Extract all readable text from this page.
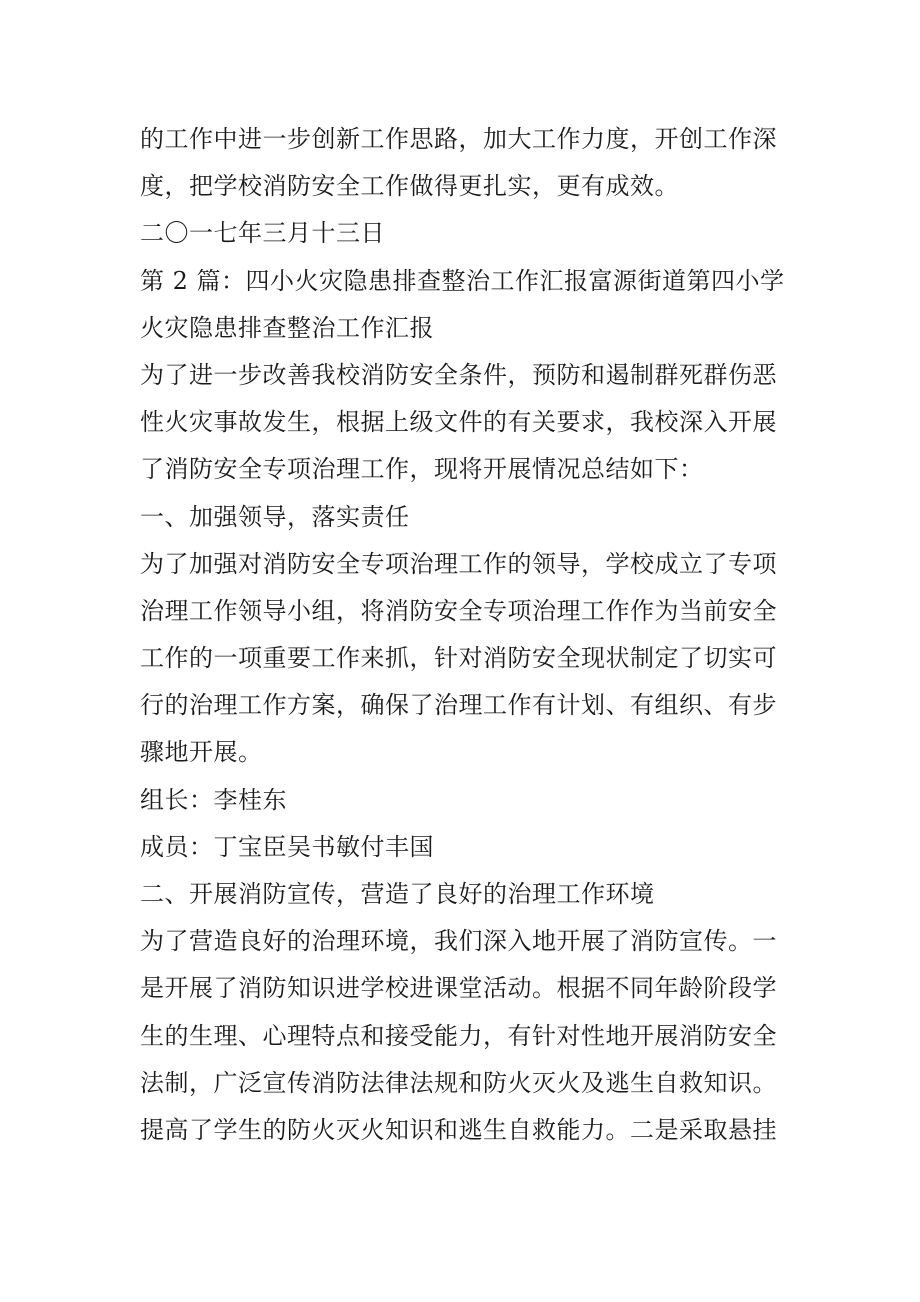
的工作中进一步创新工作思路，加大工作力度，开创工作深
度，把学校消防安全工作做得更扎实，更有成效。
二〇一七年三月十三日
第 2 篇：四小火灾隐患排查整治工作汇报富源街道第四小学
火灾隐患排查整治工作汇报
为了进一步改善我校消防安全条件，预防和遏制群死群伤恶
性火灾事故发生，根据上级文件的有关要求，我校深入开展
了消防安全专项治理工作，现将开展情况总结如下：
一、加强领导，落实责任
为了加强对消防安全专项治理工作的领导，学校成立了专项
治理工作领导小组，将消防安全专项治理工作作为当前安全
工作的一项重要工作来抓，针对消防安全现状制定了切实可
行的治理工作方案，确保了治理工作有计划、有组织、有步
骤地开展。
组长：李桂东
成员：丁宝臣吴书敏付丰国
二、开展消防宣传，营造了良好的治理工作环境
为了营造良好的治理环境，我们深入地开展了消防宣传。一
是开展了消防知识进学校进课堂活动。根据不同年龄阶段学
生的生理、心理特点和接受能力，有针对性地开展消防安全
法制，广泛宣传消防法律法规和防火灭火及逃生自救知识。
提高了学生的防火灭火知识和逃生自救能力。二是采取悬挂
